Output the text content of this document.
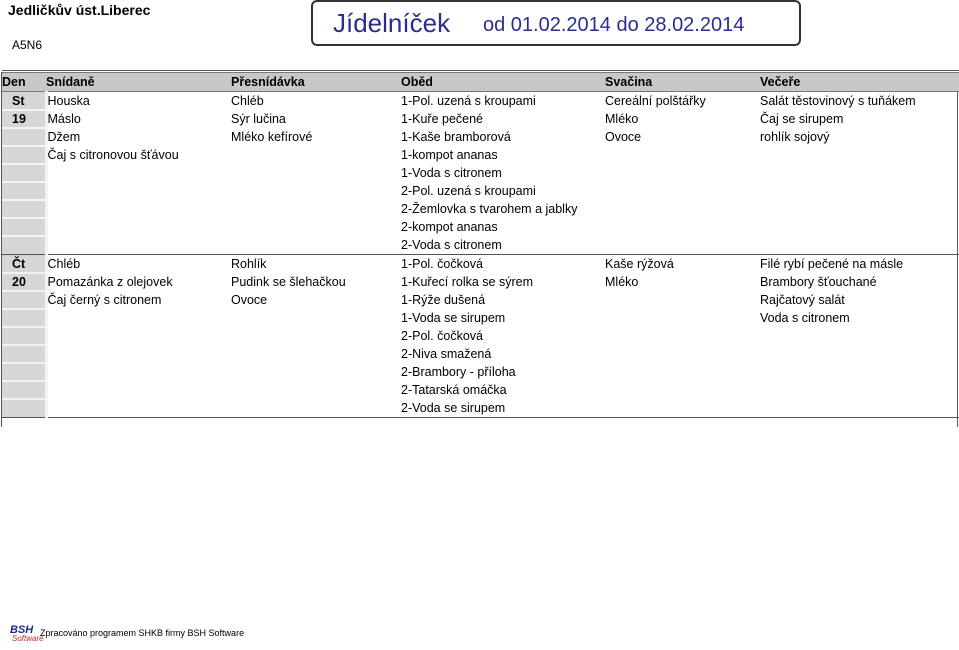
Jedličkův úst.Liberec
A5N6
Jídelníček od 01.02.2014 do 28.02.2014
Den	Snídaně	Přesnídávka	Oběd	Svačina	Večeře
St	Houska	Chléb	1-Pol. uzená s kroupami	Cereální polštářky	Salát těstovinový s tuňákem
19	Máslo	Sýr lučina	1-Kuře pečené	Mléko	Čaj se sirupem
	Džem	Mléko kefírové	1-Kaše bramborová	Ovoce	rohlík sojový
	Čaj s citronovou šťávou		1-kompot ananas		
			1-Voda s citronem		
			2-Pol. uzená s kroupami		
			2-Žemlovka s tvarohem a jablky		
			2-kompot ananas		
			2-Voda s citronem		
Čt	Chléb	Rohlík	1-Pol. čočková	Kaše rýžová	Filé rybí pečené na másle
20	Pomazánka z olejovek	Pudink se šlehačkou	1-Kuřecí rolka se sýrem	Mléko	Brambory šťouchané
	Čaj černý s citronem	Ovoce	1-Rýže dušená		Rajčatový salát
			1-Voda se sirupem		Voda s citronem
			2-Pol. čočková		
			2-Niva smažená		
			2-Brambory - příloha		
			2-Tatarská omáčka		
			2-Voda se sirupem		
BSH
Software
Zpracováno programem SHKB firmy BSH Software
